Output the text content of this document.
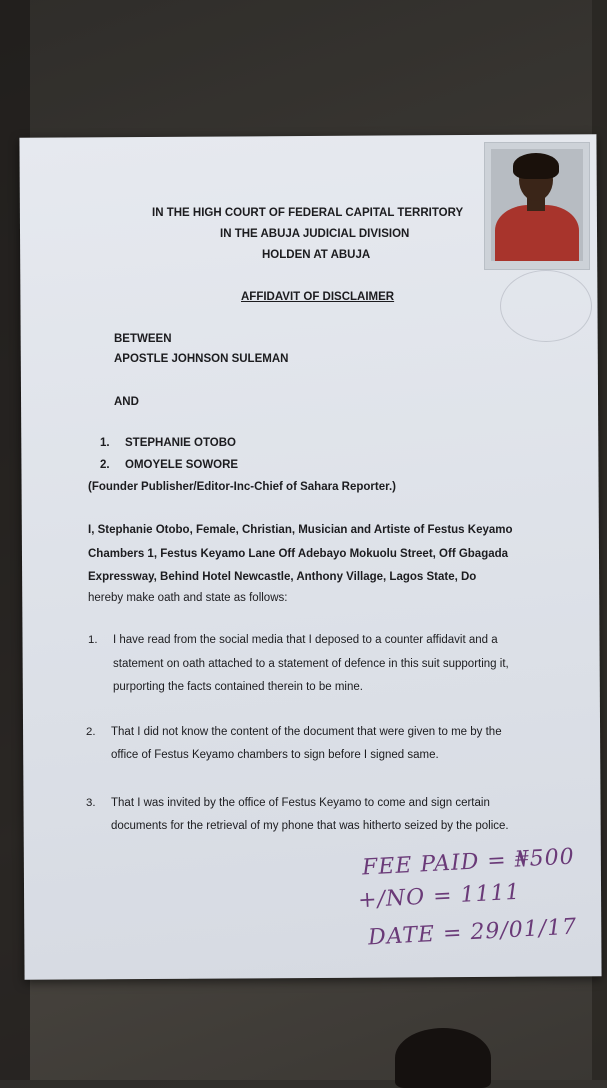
IN THE HIGH COURT OF FEDERAL CAPITAL TERRITORY
IN THE ABUJA JUDICIAL DIVISION
HOLDEN AT ABUJA
AFFIDAVIT OF DISCLAIMER
BETWEEN
APOSTLE JOHNSON SULEMAN
AND
1. STEPHANIE OTOBO
2. OMOYELE SOWORE
(Founder Publisher/Editor-Inc-Chief of Sahara Reporter.)
I, Stephanie Otobo, Female, Christian, Musician and Artiste of Festus Keyamo
Chambers 1, Festus Keyamo Lane Off Adebayo Mokuolu Street, Off Gbagada
Expressway, Behind Hotel Newcastle, Anthony Village, Lagos State, Do
hereby make oath and state as follows:
1. I have read from the social media that I deposed to a counter affidavit and a
statement on oath attached to a statement of defence in this suit supporting it,
purporting the facts contained therein to be mine.
2. That I did not know the content of the document that were given to me by the
office of Festus Keyamo chambers to sign before I signed same.
3. That I was invited by the office of Festus Keyamo to come and sign certain
documents for the retrieval of my phone that was hitherto seized by the police.
FEE PAID = ₦500
+/NO = 1111
DATE = 29/01/17
